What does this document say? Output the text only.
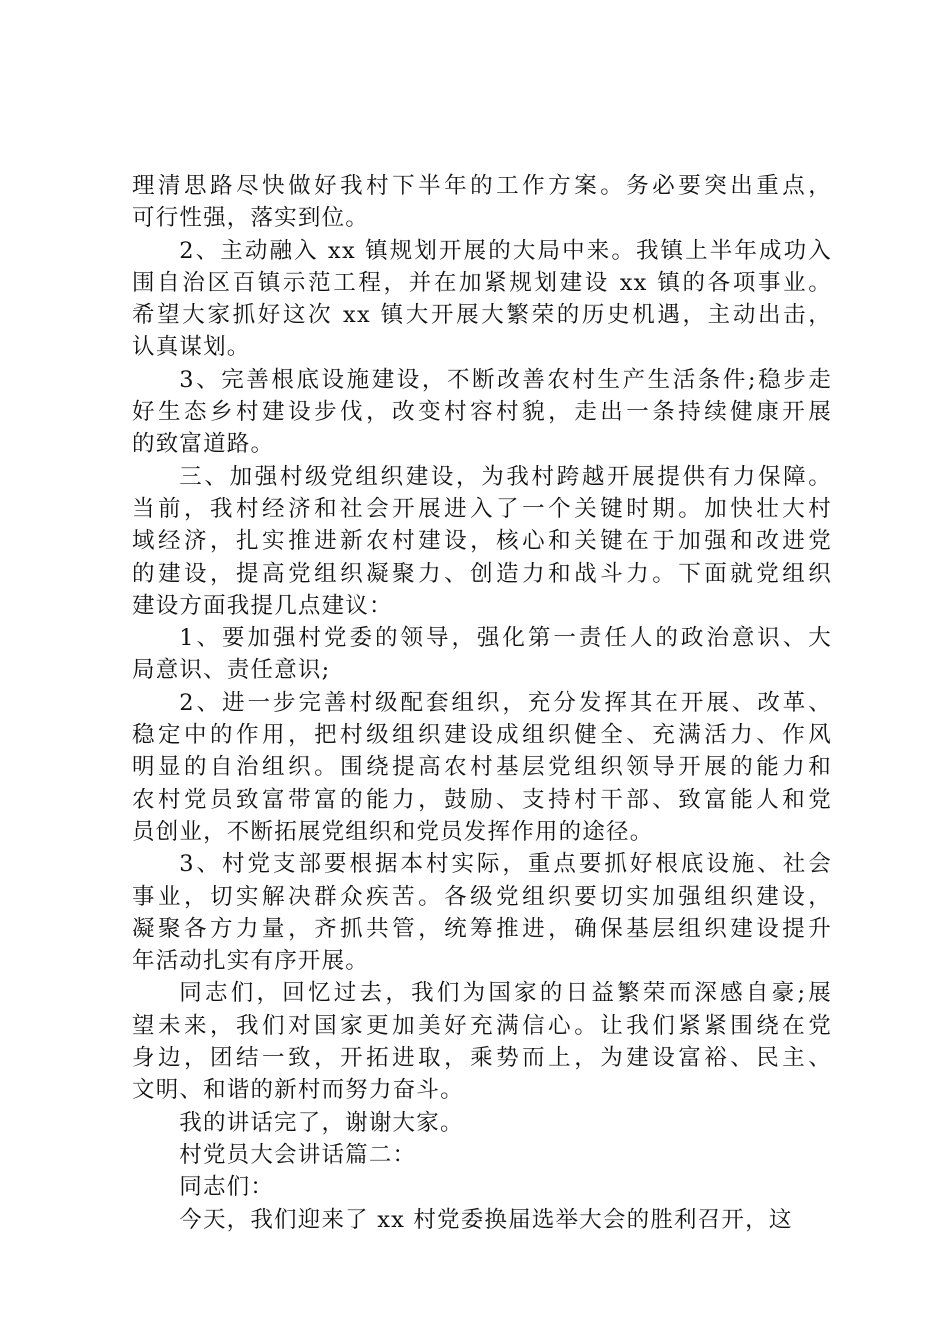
理清思路尽快做好我村下半年的工作方案。务必要突出重点，
可行性强，落实到位。

2、主动融入 xx 镇规划开展的大局中来。我镇上半年成功入
围自治区百镇示范工程，并在加紧规划建设 xx 镇的各项事业。
希望大家抓好这次 xx 镇大开展大繁荣的历史机遇，主动出击，
认真谋划。

3、完善根底设施建设，不断改善农村生产生活条件;稳步走
好生态乡村建设步伐，改变村容村貌，走出一条持续健康开展
的致富道路。

三、加强村级党组织建设，为我村跨越开展提供有力保障。
当前，我村经济和社会开展进入了一个关键时期。加快壮大村
域经济，扎实推进新农村建设，核心和关键在于加强和改进党
的建设，提高党组织凝聚力、创造力和战斗力。下面就党组织
建设方面我提几点建议：

1、要加强村党委的领导，强化第一责任人的政治意识、大
局意识、责任意识;

2、进一步完善村级配套组织，充分发挥其在开展、改革、
稳定中的作用，把村级组织建设成组织健全、充满活力、作风
明显的自治组织。围绕提高农村基层党组织领导开展的能力和
农村党员致富带富的能力，鼓励、支持村干部、致富能人和党
员创业，不断拓展党组织和党员发挥作用的途径。

3、村党支部要根据本村实际，重点要抓好根底设施、社会
事业，切实解决群众疾苦。各级党组织要切实加强组织建设，
凝聚各方力量，齐抓共管，统筹推进，确保基层组织建设提升
年活动扎实有序开展。

同志们，回忆过去，我们为国家的日益繁荣而深感自豪;展
望未来，我们对国家更加美好充满信心。让我们紧紧围绕在党
身边，团结一致，开拓进取，乘势而上，为建设富裕、民主、
文明、和谐的新村而努力奋斗。

我的讲话完了，谢谢大家。

村党员大会讲话篇二：

同志们：

今天，我们迎来了 xx 村党委换届选举大会的胜利召开，这
